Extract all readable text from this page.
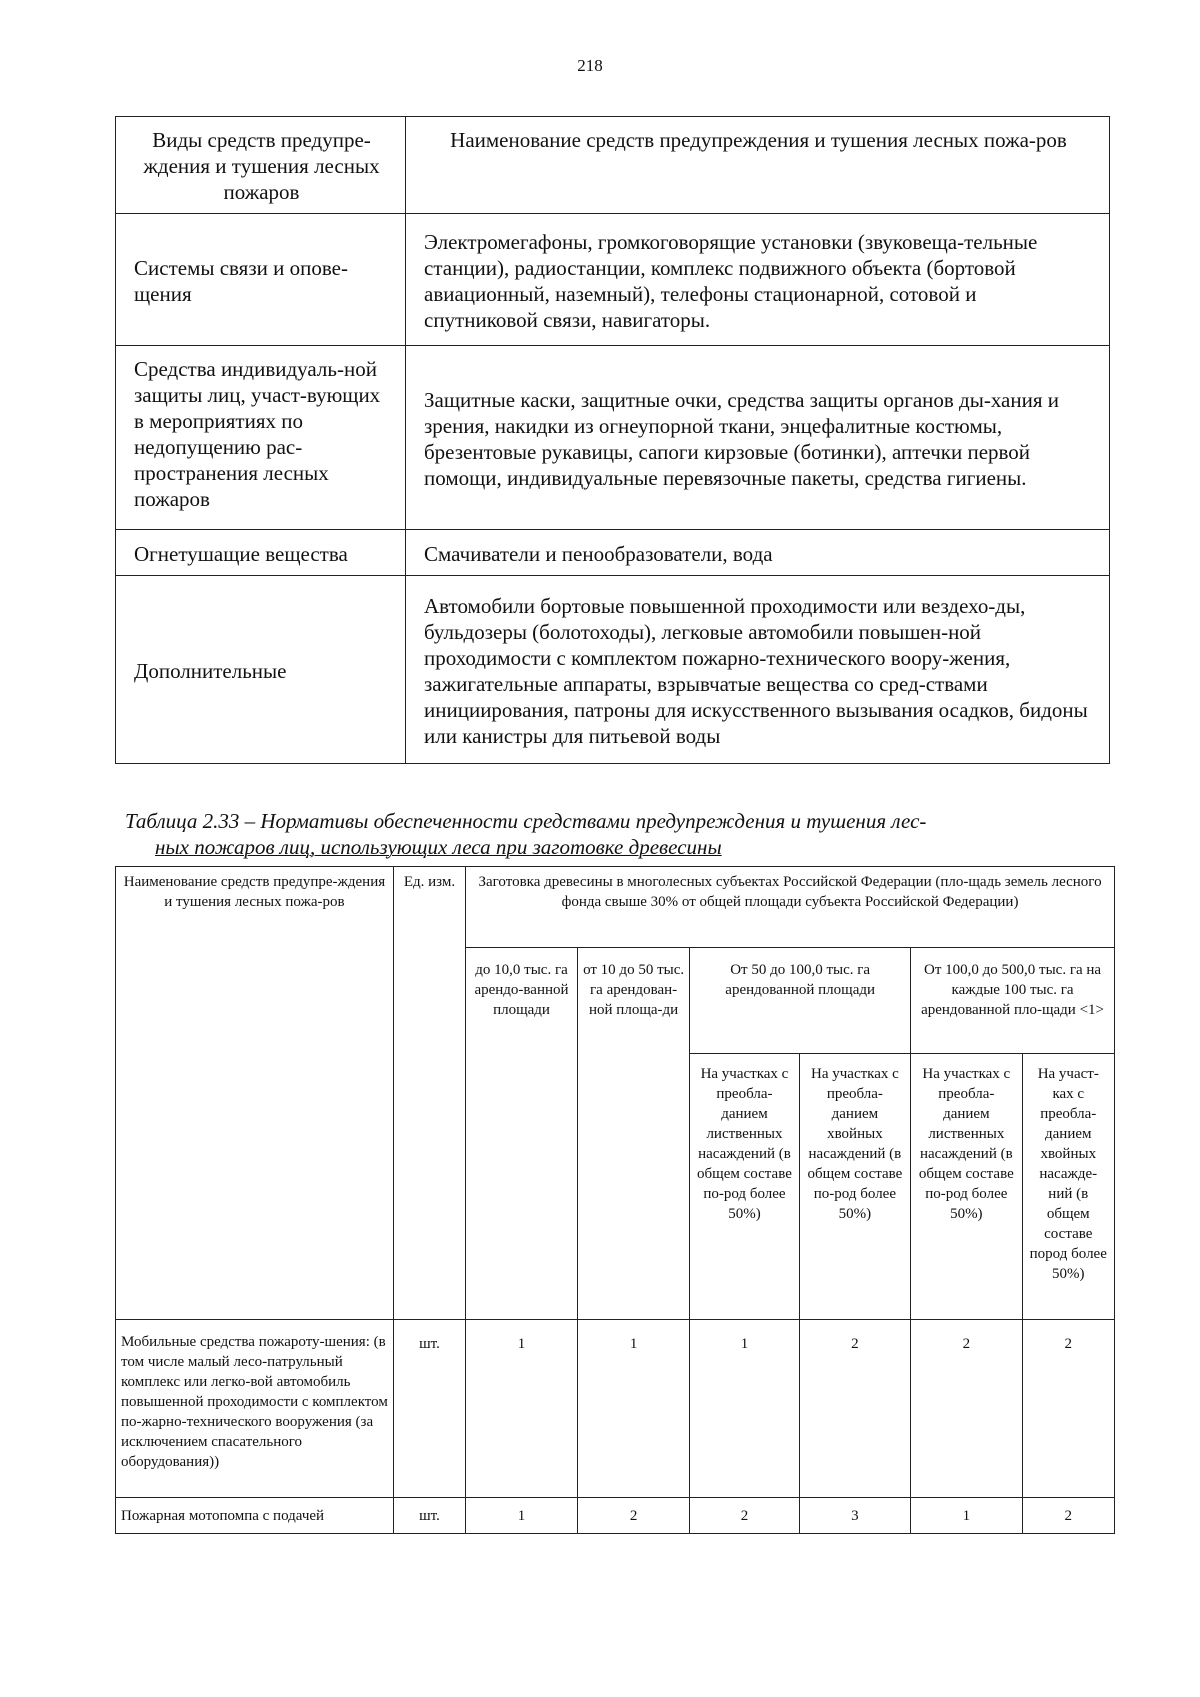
218
Виды средств предупре-ждения и тушения лесных пожаров	Наименование средств предупреждения и тушения лесных пожа-ров
Системы связи и опове-щения	Электромегафоны, громкоговорящие установки (звуковеща-тельные станции), радиостанции, комплекс подвижного объекта (бортовой авиационный, наземный), телефоны стационарной, сотовой и спутниковой связи, навигаторы.
Средства индивидуаль-ной защиты лиц, участ-вующих в мероприятиях по недопущению рас-пространения лесных пожаров	Защитные каски, защитные очки, средства защиты органов ды-хания и зрения, накидки из огнеупорной ткани, энцефалитные костюмы, брезентовые рукавицы, сапоги кирзовые (ботинки), аптечки первой помощи, индивидуальные перевязочные пакеты, средства гигиены.
Огнетушащие вещества	Смачиватели и пенообразователи, вода
Дополнительные	Автомобили бортовые повышенной проходимости или вездехо-ды, бульдозеры (болотоходы), легковые автомобили повышен-ной проходимости с комплектом пожарно-технического воору-жения, зажигательные аппараты, взрывчатые вещества со сред-ствами инициирования, патроны для искусственного вызывания осадков, бидоны или канистры для питьевой воды
Таблица 2.33 – Нормативы обеспеченности средствами предупреждения и тушения лес-
ных пожаров лиц, использующих леса при заготовке древесины
Наименование средств предупре-ждения и тушения лесных пожа-ров	Ед. изм.	Заготовка древесины в многолесных субъектах Российской Федерации (пло-щадь земель лесного фонда свыше 30% от общей площади субъекта Российской Федерации)					
		до 10,0 тыс. га арендо-ванной площади	от 10 до 50 тыс. га арендован-ной площа-ди	От 50 до 100,0 тыс. га арендованной площади		От 100,0 до 500,0 тыс. га на каждые 100 тыс. га арендованной пло-щади <1>	
				На участках с преобла-данием лиственных насаждений (в общем составе по-род более 50%)	На участках с преобла-данием хвойных насаждений (в общем составе по-род более 50%)	На участках с преобла-данием лиственных насаждений (в общем составе по-род более 50%)	На участ-ках с преобла-данием хвойных насажде-ний (в общем составе пород более 50%)
Мобильные средства пожароту-шения: (в том числе малый лесо-патрульный комплекс или легко-вой автомобиль повышенной проходимости с комплектом по-жарно-технического вооружения (за исключением спасательного оборудования))	шт.	1	1	1	2	2	2
Пожарная мотопомпа с подачей	шт.	1	2	2	3	1	2
